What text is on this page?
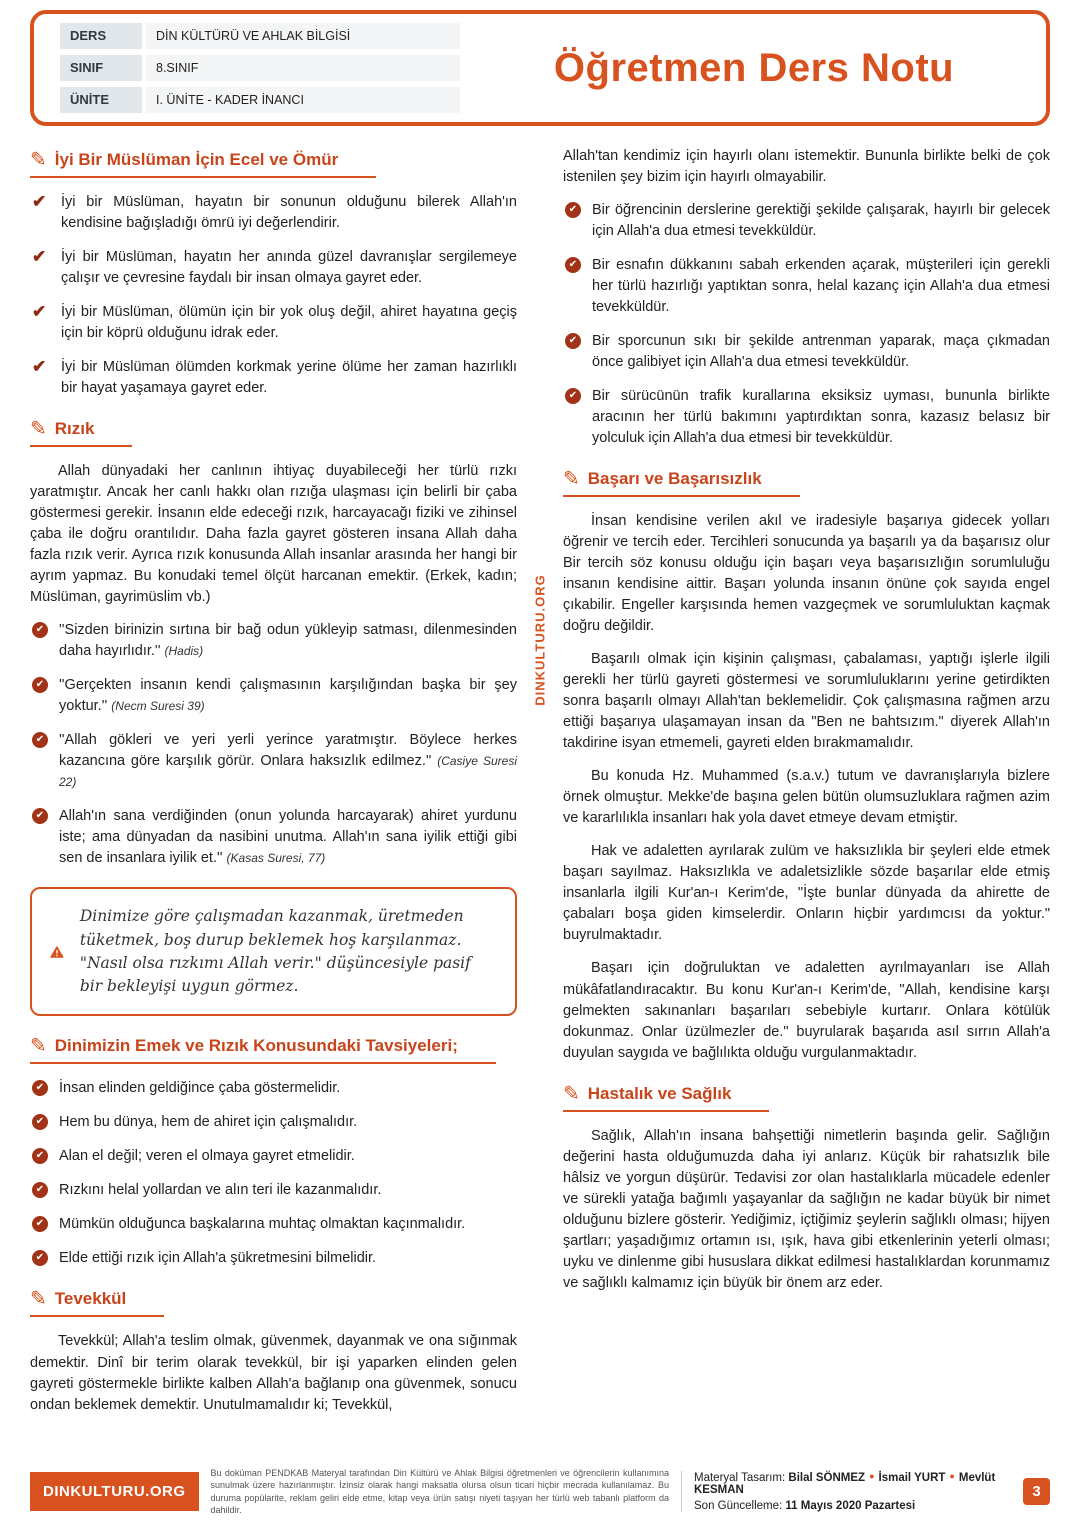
DERS	DİN KÜLTÜRÜ VE AHLAK BİLGİSİ
SINIF	8.SINIF
ÜNİTE	I. ÜNİTE - KADER İNANCI
Öğretmen Ders Notu
DINKULTURU.ORG
✎ İyi Bir Müslüman İçin Ecel ve Ömür
✔ İyi bir Müslüman, hayatın bir sonunun olduğunu bilerek Allah'ın kendisine bağışladığı ömrü iyi değerlendirir.

✔ İyi bir Müslüman, hayatın her anında güzel davranışlar sergilemeye çalışır ve çevresine faydalı bir insan olmaya gayret eder.

✔ İyi bir Müslüman, ölümün için bir yok oluş değil, ahiret hayatına geçiş için bir köprü olduğunu idrak eder.

✔ İyi bir Müslüman ölümden korkmak yerine ölüme her zaman hazırlıklı bir hayat yaşamaya gayret eder.

✎ Rızık

Allah dünyadaki her canlının ihtiyaç duyabileceği her türlü rızkı yaratmıştır. Ancak her canlı hakkı olan rızığa ulaşması için belirli bir çaba göstermesi gerekir. İnsanın elde edeceği rızık, harcayacağı fiziki ve zihinsel çaba ile doğru orantılıdır. Daha fazla gayret gösteren insana Allah daha fazla rızık verir. Ayrıca rızık konusunda Allah insanlar arasında her hangi bir ayrım yapmaz. Bu konudaki temel ölçüt harcanan emektir. (Erkek, kadın; Müslüman, gayrimüslim vb.)

✔ ''Sizden birinizin sırtına bir bağ odun yükleyip satması, dilenmesinden daha hayırlıdır.'' (Hadis)

✔ ''Gerçekten insanın kendi çalışmasının karşılığından başka bir şey yoktur.'' (Necm Suresi 39)

✔ ''Allah gökleri ve yeri yerli yerince yaratmıştır. Böylece herkes kazancına göre karşılık görür. Onlara haksızlık edilmez.'' (Casiye Suresi 22)

✔ Allah'ın sana verdiğinden (onun yolunda harcayarak) ahiret yurdunu iste; ama dünyadan da nasibini unutma. Allah'ın sana iyilik ettiği gibi sen de insanlara iyilik et.'' (Kasas Suresi, 77)

Dinimize göre çalışmadan kazanmak, üretmeden tüketmek, boş durup beklemek hoş karşılanmaz. "Nasıl olsa rızkımı Allah verir." düşüncesiyle pasif bir bekleyişi uygun görmez.

✎ Dinimizin Emek ve Rızık Konusundaki Tavsiyeleri;
✔ İnsan elinden geldiğince çaba göstermelidir.

✔ Hem bu dünya, hem de ahiret için çalışmalıdır.

✔ Alan el değil; veren el olmaya gayret etmelidir.

✔ Rızkını helal yollardan ve alın teri ile kazanmalıdır.

✔ Mümkün olduğunca başkalarına muhtaç olmaktan kaçınmalıdır.

✔ Elde ettiği rızık için Allah'a şükretmesini bilmelidir.

✎ Tevekkül

Tevekkül; Allah'a teslim olmak, güvenmek, dayanmak ve ona sığınmak demektir. Dinî bir terim olarak tevekkül, bir işi yaparken elinden gelen gayreti göstermekle birlikte kalben Allah'a bağlanıp ona güvenmek, sonucu ondan beklemek demektir. Unutulmamalıdır ki; Tevekkül,

Allah'tan kendimiz için hayırlı olanı istemektir. Bununla birlikte belki de çok istenilen şey bizim için hayırlı olmayabilir.

✔ Bir öğrencinin derslerine gerektiği şekilde çalışarak, hayırlı bir gelecek için Allah'a dua etmesi tevekküldür.

✔ Bir esnafın dükkanını sabah erkenden açarak, müşterileri için gerekli her türlü hazırlığı yaptıktan sonra, helal kazanç için Allah'a dua etmesi tevekküldür.

✔ Bir sporcunun sıkı bir şekilde antrenman yaparak, maça çıkmadan önce galibiyet için Allah'a dua etmesi tevekküldür.

✔ Bir sürücünün trafik kurallarına eksiksiz uyması, bununla birlikte aracının her türlü bakımını yaptırdıktan sonra, kazasız belasız bir yolculuk için Allah'a dua etmesi bir tevekküldür.

✎ Başarı ve Başarısızlık

İnsan kendisine verilen akıl ve iradesiyle başarıya gidecek yolları öğrenir ve tercih eder. Tercihleri sonucunda ya başarılı ya da başarısız olur Bir tercih söz konusu olduğu için başarı veya başarısızlığın sorumluluğu insanın kendisine aittir. Başarı yolunda insanın önüne çok sayıda engel çıkabilir. Engeller karşısında hemen vazgeçmek ve sorumluluktan kaçmak doğru değildir.

Başarılı olmak için kişinin çalışması, çabalaması, yaptığı işlerle ilgili gerekli her türlü gayreti göstermesi ve sorumluluklarını yerine getirdikten sonra başarılı olmayı Allah'tan beklemelidir. Çok çalışmasına rağmen arzu ettiği başarıya ulaşamayan insan da "Ben ne bahtsızım." diyerek Allah'ın takdirine isyan etmemeli, gayreti elden bırakmamalıdır.

Bu konuda Hz. Muhammed (s.a.v.) tutum ve davranışlarıyla bizlere örnek olmuştur. Mekke'de başına gelen bütün olumsuzluklara rağmen azim ve kararlılıkla insanları hak yola davet etmeye devam etmiştir.

Hak ve adaletten ayrılarak zulüm ve haksızlıkla bir şeyleri elde etmek başarı sayılmaz. Haksızlıkla ve adaletsizlikle sözde başarılar elde etmiş insanlarla ilgili Kur'an-ı Kerim'de, "İşte bunlar dünyada da ahirette de çabaları boşa giden kimselerdir. Onların hiçbir yardımcısı da yoktur." buyrulmaktadır.

Başarı için doğruluktan ve adaletten ayrılmayanları ise Allah mükâfatlandıracaktır. Bu konu Kur'an-ı Kerim'de, "Allah, kendisine karşı gelmekten sakınanları başarıları sebebiyle kurtarır. Onlara kötülük dokunmaz. Onlar üzülmezler de." buyrularak başarıda asıl sırrın Allah'a duyulan saygıda ve bağlılıkta olduğu vurgulanmaktadır.

✎ Hastalık ve Sağlık

Sağlık, Allah'ın insana bahşettiği nimetlerin başında gelir. Sağlığın değerini hasta olduğumuzda daha iyi anlarız. Küçük bir rahatsızlık bile hâlsiz ve yorgun düşürür. Tedavisi zor olan hastalıklarla mücadele edenler ve sürekli yatağa bağımlı yaşayanlar da sağlığın ne kadar büyük bir nimet olduğunu bizlere gösterir. Yediğimiz, içtiğimiz şeylerin sağlıklı olması; hijyen şartları; yaşadığımız ortamın ısı, ışık, hava gibi etkenlerinin yeterli olması; uyku ve dinlenme gibi hususlara dikkat edilmesi hastalıklardan korunmamız ve sağlıklı kalmamız için büyük bir önem arz eder.

DINKULTURU.ORG
Bu doküman PENDKAB Materyal tarafından Din Kültürü ve Ahlak Bilgisi öğretmenleri ve öğrencilerin kullanımına sunulmak üzere hazırlanmıştır. İzinsiz olarak hangi maksatla olursa olsun ticari hiçbir mecrada kullanılamaz. Bu duruma popülarite, reklam geliri elde etme, kitap veya ürün satışı niyeti taşıyan her türlü web tabanlı platform da dahildir.
Materyal Tasarım: Bilal SÖNMEZ ● İsmail YURT ● Mevlüt KESMAN
Son Güncelleme: 11 Mayıs 2020 Pazartesi
3
